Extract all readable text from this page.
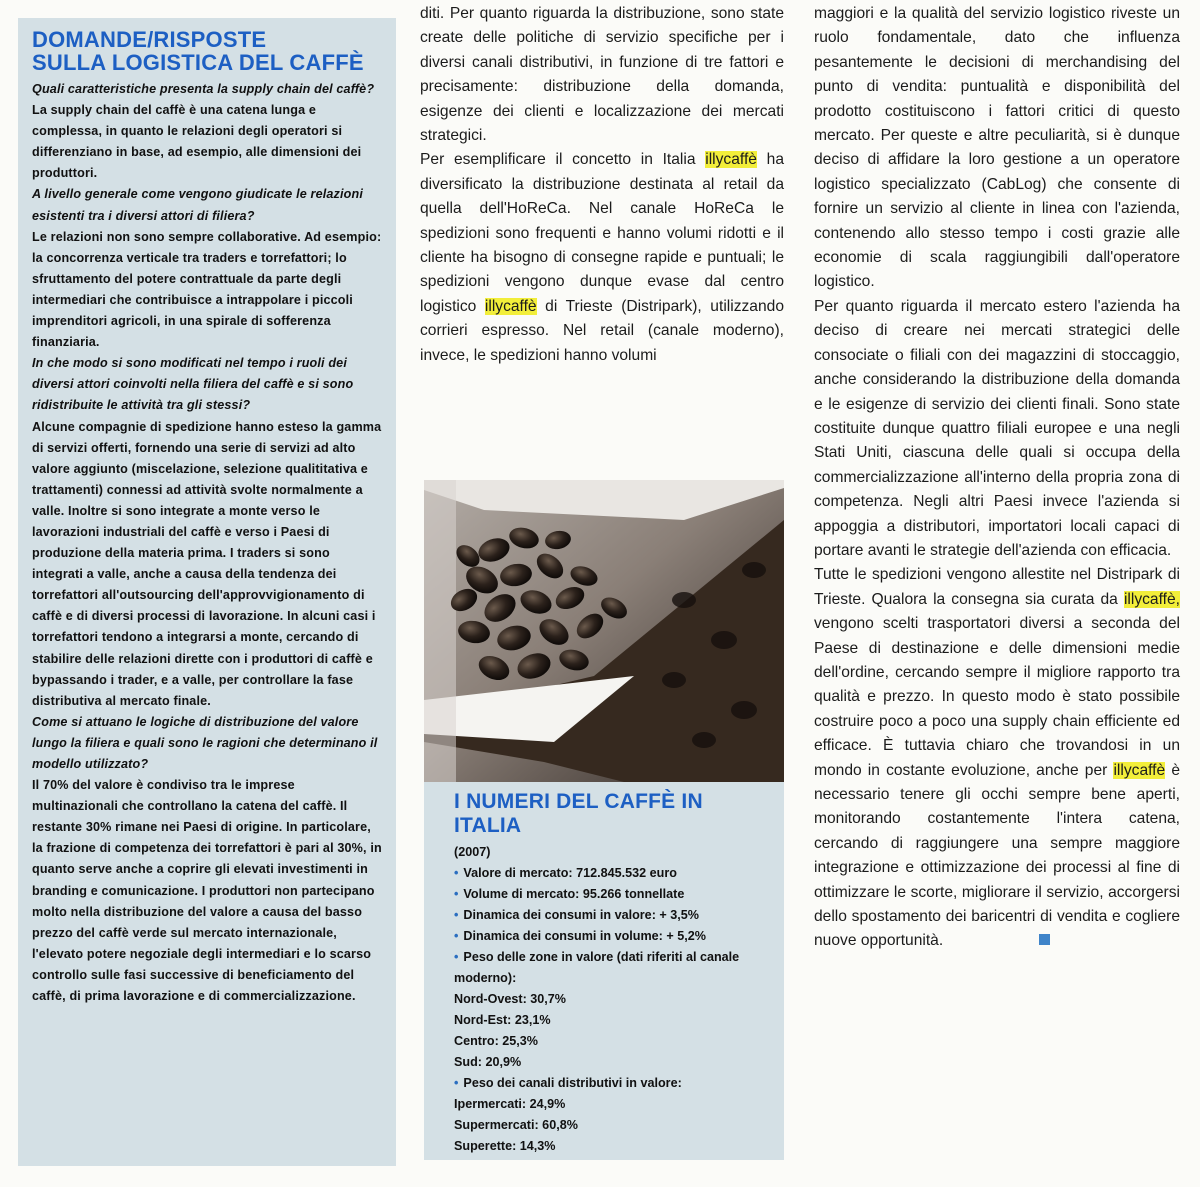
DOMANDE/RISPOSTE
SULLA LOGISTICA DEL CAFFÈ

Quali caratteristiche presenta la supply chain del caffè?
La supply chain del caffè è una catena lunga e complessa, in quanto le relazioni degli operatori si differenziano in base, ad esempio, alle dimensioni dei produttori.

A livello generale come vengono giudicate le relazioni esistenti tra i diversi attori di filiera?
Le relazioni non sono sempre collaborative. Ad esempio: la concorrenza verticale tra traders e torrefattori; lo sfruttamento del potere contrattuale da parte degli intermediari che contribuisce a intrappolare i piccoli imprenditori agricoli, in una spirale di sofferenza finanziaria.

In che modo si sono modificati nel tempo i ruoli dei diversi attori coinvolti nella filiera del caffè e si sono ridistribuite le attività tra gli stessi?
Alcune compagnie di spedizione hanno esteso la gamma di servizi offerti, fornendo una serie di servizi ad alto valore aggiunto (miscelazione, selezione qualititativa e trattamenti) connessi ad attività svolte normalmente a valle. Inoltre si sono integrate a monte verso le lavorazioni industriali del caffè e verso i Paesi di produzione della materia prima. I traders si sono integrati a valle, anche a causa della tendenza dei torrefattori all'outsourcing dell'approvvigionamento di caffè e di diversi processi di lavorazione. In alcuni casi i torrefattori tendono a integrarsi a monte, cercando di stabilire delle relazioni dirette con i produttori di caffè e bypassando i trader, e a valle, per controllare la fase distributiva al mercato finale.

Come si attuano le logiche di distribuzione del valore lungo la filiera e quali sono le ragioni che determinano il modello utilizzato?
Il 70% del valore è condiviso tra le imprese multinazionali che controllano la catena del caffè. Il restante 30% rimane nei Paesi di origine. In particolare, la frazione di competenza dei torrefattori è pari al 30%, in quanto serve anche a coprire gli elevati investimenti in branding e comunicazione. I produttori non partecipano molto nella distribuzione del valore a causa del basso prezzo del caffè verde sul mercato internazionale, l'elevato potere negoziale degli intermediari e lo scarso controllo sulle fasi successive di beneficiamento del caffè, di prima lavorazione e di commercializzazione.

diti. Per quanto riguarda la distribuzione, sono state create delle politiche di servizio specifiche per i diversi canali distributivi, in funzione di tre fattori e precisamente: distribuzione della domanda, esigenze dei clienti e localizzazione dei mercati strategici.

Per esemplificare il concetto in Italia illycaffè ha diversificato la distribuzione destinata al retail da quella dell'HoReCa. Nel canale HoReCa le spedizioni sono frequenti e hanno volumi ridotti e il cliente ha bisogno di consegne rapide e puntuali; le spedizioni vengono dunque evase dal centro logistico illycaffè di Trieste (Distripark), utilizzando corrieri espresso. Nel retail (canale moderno), invece, le spedizioni hanno volumi

I NUMERI DEL CAFFÈ IN ITALIA
(2007)
• Valore di mercato: 712.845.532 euro
• Volume di mercato: 95.266 tonnellate
• Dinamica dei consumi in valore: + 3,5%
• Dinamica dei consumi in volume: + 5,2%
• Peso delle zone in valore (dati riferiti al canale moderno):
Nord-Ovest: 30,7%
Nord-Est: 23,1%
Centro: 25,3%
Sud: 20,9%
• Peso dei canali distributivi in valore:
Ipermercati: 24,9%
Supermercati: 60,8%
Superette: 14,3%

maggiori e la qualità del servizio logistico riveste un ruolo fondamentale, dato che influenza pesantemente le decisioni di merchandising del punto di vendita: puntualità e disponibilità del prodotto costituiscono i fattori critici di questo mercato. Per queste e altre peculiarità, si è dunque deciso di affidare la loro gestione a un operatore logistico specializzato (CabLog) che consente di fornire un servizio al cliente in linea con l'azienda, contenendo allo stesso tempo i costi grazie alle economie di scala raggiungibili dall'operatore logistico.

Per quanto riguarda il mercato estero l'azienda ha deciso di creare nei mercati strategici delle consociate o filiali con dei magazzini di stoccaggio, anche considerando la distribuzione della domanda e le esigenze di servizio dei clienti finali. Sono state costituite dunque quattro filiali europee e una negli Stati Uniti, ciascuna delle quali si occupa della commercializzazione all'interno della propria zona di competenza. Negli altri Paesi invece l'azienda si appoggia a distributori, importatori locali capaci di portare avanti le strategie dell'azienda con efficacia.

Tutte le spedizioni vengono allestite nel Distripark di Trieste. Qualora la consegna sia curata da illycaffè, vengono scelti trasportatori diversi a seconda del Paese di destinazione e delle dimensioni medie dell'ordine, cercando sempre il migliore rapporto tra qualità e prezzo. In questo modo è stato possibile costruire poco a poco una supply chain efficiente ed efficace. È tuttavia chiaro che trovandosi in un mondo in costante evoluzione, anche per illycaffè è necessario tenere gli occhi sempre bene aperti, monitorando costantemente l'intera catena, cercando di raggiungere una sempre maggiore integrazione e ottimizzazione dei processi al fine di ottimizzare le scorte, migliorare il servizio, accorgersi dello spostamento dei baricentri di vendita e cogliere nuove opportunità.
